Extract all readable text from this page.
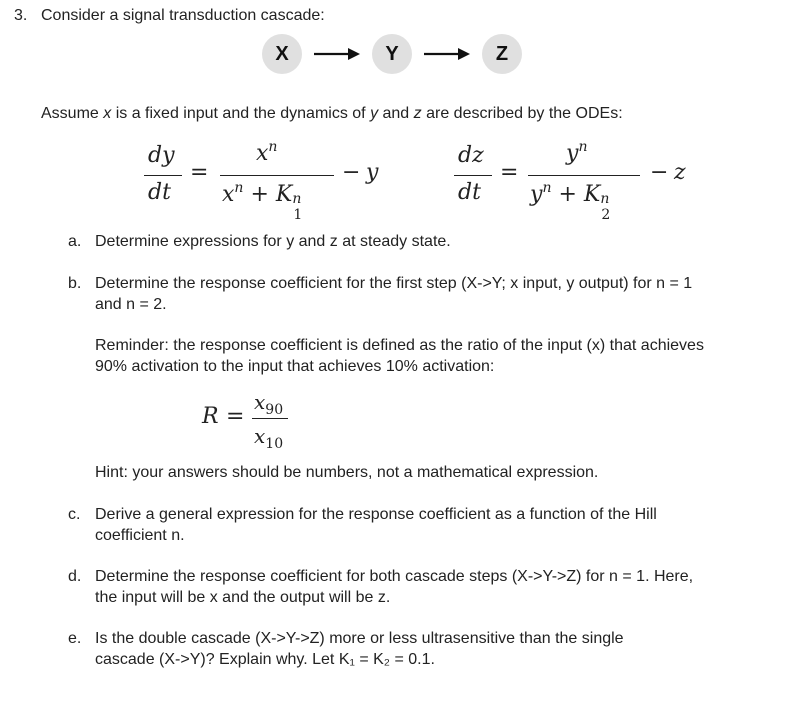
3. Consider a signal transduction cascade:
X	Y	Z
Assume x is a fixed input and the dynamics of y and z are described by the ODEs:
dy
dt
=
$x^n$
$x^n + K$ n
1
− y
dz
dt
=
$y^n$
$y^n + K$ n
2
− z
a. Determine expressions for y and z at steady state.
b. Determine the response coefficient for the first step (X->Y; x input, y output) for n = 1
and n = 2.
Reminder: the response coefficient is defined as the ratio of the input (x) that achieves
90% activation to the input that achieves 10% activation:
R =
$x_{90}$
$x_{10}$
Hint: your answers should be numbers, not a mathematical expression.
c. Derive a general expression for the response coefficient as a function of the Hill
coefficient n.
d. Determine the response coefficient for both cascade steps (X->Y->Z) for n = 1. Here,
the input will be x and the output will be z.
e. Is the double cascade (X->Y->Z) more or less ultrasensitive than the single
cascade (X->Y)? Explain why. Let K₁ = K₂ = 0.1.
